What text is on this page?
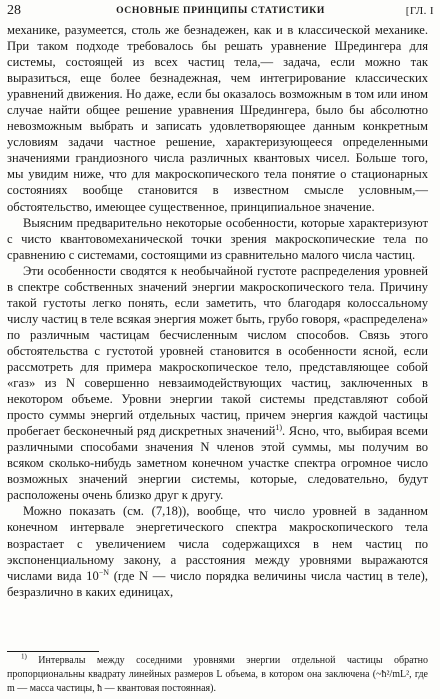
28	ОСНОВНЫЕ ПРИНЦИПЫ СТАТИСТИКИ	[ГЛ. I

механике, разумеется, столь же безнадежен, как и в классической механике. При таком подходе требовалось бы решать уравнение Шредингера для системы, состоящей из всех частиц тела,— задача, если можно так выразиться, еще более безнадежная, чем интегрирование классических уравнений движения. Но даже, если бы оказалось возможным в том или ином случае найти общее решение уравнения Шредингера, было бы абсолютно невозможным выбрать и записать удовлетворяющее данным конкретным условиям задачи частное решение, характеризующееся определенными значениями грандиозного числа различных квантовых чисел. Больше того, мы увидим ниже, что для макроскопического тела понятие о стационарных состояниях вообще становится в известном смысле условным,— обстоятельство, имеющее существенное, принципиальное значение.

Выясним предварительно некоторые особенности, которые характеризуют с чисто квантовомеханической точки зрения макроскопические тела по сравнению с системами, состоящими из сравнительно малого числа частиц.

Эти особенности сводятся к необычайной густоте распределения уровней в спектре собственных значений энергии макроскопического тела. Причину такой густоты легко понять, если заметить, что благодаря колоссальному числу частиц в теле всякая энергия может быть, грубо говоря, «распределена» по различным частицам бесчисленным числом способов. Связь этого обстоятельства с густотой уровней становится в особенности ясной, если рассмотреть для примера макроскопическое тело, представляющее собой «газ» из N совершенно невзаимодействующих частиц, заключенных в некотором объеме. Уровни энергии такой системы представляют собой просто суммы энергий отдельных частиц, причем энергия каждой частицы пробегает бесконечный ряд дискретных значений$^{1)}$. Ясно, что, выбирая всеми различными способами значения N членов этой суммы, мы получим во всяком сколько-нибудь заметном конечном участке спектра огромное число возможных значений энергии системы, которые, следовательно, будут расположены очень близко друг к другу.

Можно показать (см. (7,18)), вообще, что число уровней в заданном конечном интервале энергетического спектра макроскопического тела возрастает с увеличением числа содержащихся в нем частиц по экспоненциальному закону, а расстояния между уровнями выражаются числами вида $10^{-N}$ (где N — число порядка величины числа частиц в теле), безразлично в каких единицах,

$^{1)}$ Интервалы между соседними уровнями энергии отдельной частицы обратно пропорциональны квадрату линейных размеров L объема, в котором она заключена (~ħ²/mL², где m — масса частицы, ħ — квантовая постоянная).
